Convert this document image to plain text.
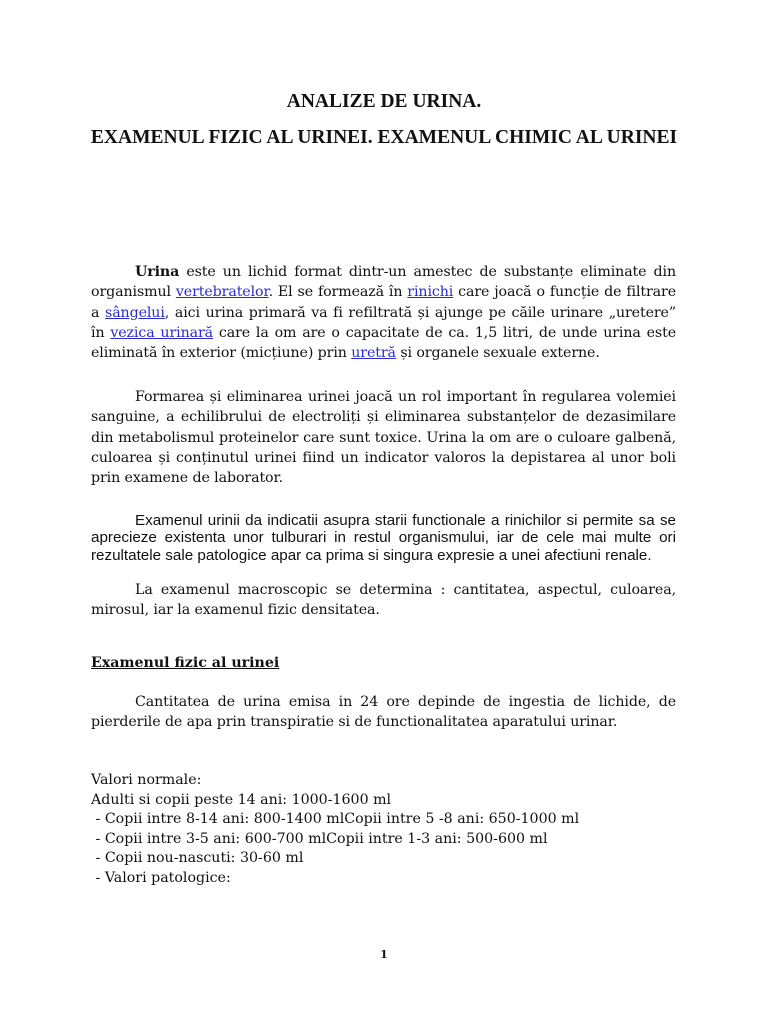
ANALIZE DE URINA.

EXAMENUL FIZIC AL URINEI. EXAMENUL CHIMIC AL URINEI

Urina este un lichid format dintr-un amestec de substanțe eliminate din organismul vertebratelor. El se formează în rinichi care joacă o funcție de filtrare a sângelui, aici urina primară va fi refiltrată și ajunge pe căile urinare „uretere” în vezica urinară care la om are o capacitate de ca. 1,5 litri, de unde urina este eliminată în exterior (micțiune) prin uretră și organele sexuale externe.

Formarea și eliminarea urinei joacă un rol important în regularea volemiei sanguine, a echilibrului de electroliți și eliminarea substanțelor de dezasimilare din metabolismul proteinelor care sunt toxice. Urina la om are o culoare galbenă, culoarea și conținutul urinei fiind un indicator valoros la depistarea al unor boli prin examene de laborator.

Examenul urinii da indicatii asupra starii functionale a rinichilor si permite sa se aprecieze existenta unor tulburari in restul organismului, iar de cele mai multe ori rezultatele sale patologice apar ca prima si singura expresie a unei afectiuni renale.

La examenul macroscopic se determina : cantitatea, aspectul, culoarea, mirosul, iar la examenul fizic densitatea.

Examenul fizic al urinei

Cantitatea de urina emisa in 24 ore depinde de ingestia de lichide, de pierderile de apa prin transpiratie si de functionalitatea aparatului urinar.

Valori normale:
Adulti si copii peste 14 ani: 1000-1600 ml
- Copii intre 8-14 ani: 800-1400 mlCopii intre 5 -8 ani: 650-1000 ml
- Copii intre 3-5 ani: 600-700 mlCopii intre 1-3 ani: 500-600 ml
- Copii nou-nascuti: 30-60 ml
- Valori patologice:
1
